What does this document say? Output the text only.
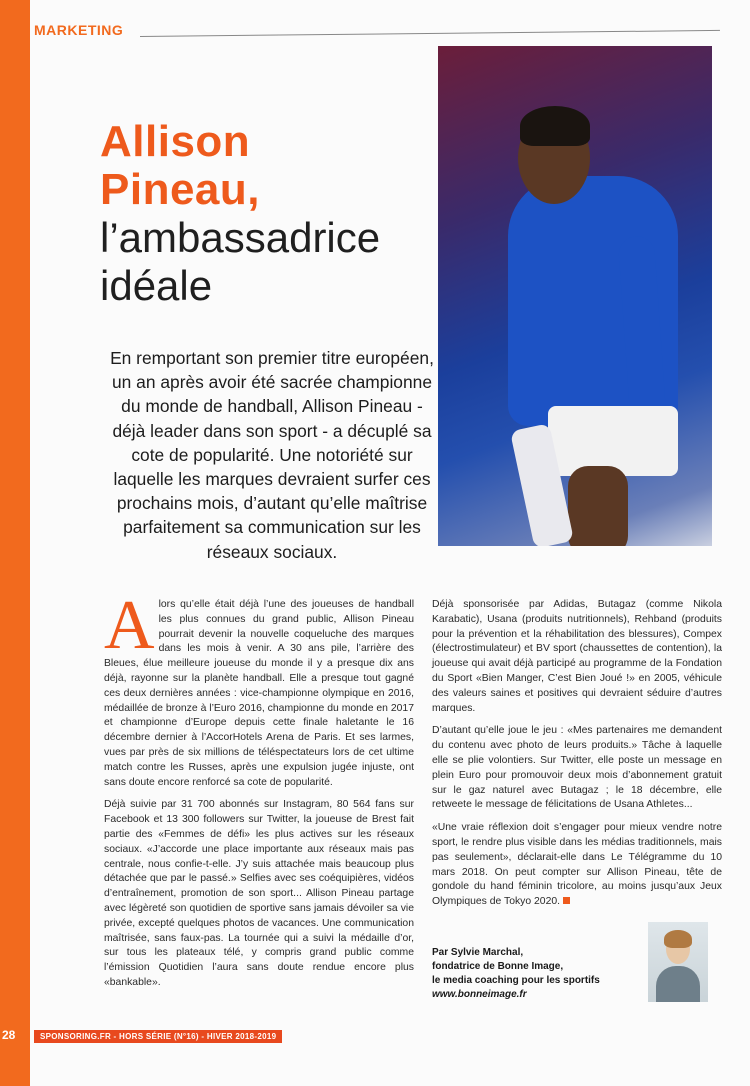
MARKETING
Allison
Pineau,
l’ambassadrice
idéale
En remportant son premier titre européen, un an après avoir été sacrée championne du monde de handball, Allison Pineau - déjà leader dans son sport - a décuplé sa cote de popularité. Une notoriété sur laquelle les marques devraient surfer ces prochains mois, d’autant qu’elle maîtrise parfaitement sa communication sur les réseaux sociaux.

Alors qu’elle était déjà l’une des joueuses de handball les plus connues du grand public, Allison Pineau pourrait devenir la nouvelle coqueluche des marques dans les mois à venir. A 30 ans pile, l’arrière des Bleues, élue meilleure joueuse du monde il y a presque dix ans déjà, rayonne sur la planète handball. Elle a presque tout gagné ces deux dernières années : vice-championne olympique en 2016, médaillée de bronze à l’Euro 2016, championne du monde en 2017 et championne d’Europe depuis cette finale haletante le 16 décembre dernier à l’AccorHotels Arena de Paris. Et ses larmes, vues par près de six millions de téléspectateurs lors de cet ultime match contre les Russes, après une expulsion jugée injuste, ont sans doute encore renforcé sa cote de popularité.

Déjà suivie par 31 700 abonnés sur Instagram, 80 564 fans sur Facebook et 13 300 followers sur Twitter, la joueuse de Brest fait partie des «Femmes de défi» les plus actives sur les réseaux sociaux. «J’accorde une place importante aux réseaux mais pas centrale, nous confie-t-elle. J’y suis attachée mais beaucoup plus détachée que par le passé.» Selfies avec ses coéquipières, vidéos d’entraînement, promotion de son sport... Allison Pineau partage avec légèreté son quotidien de sportive sans jamais dévoiler sa vie privée, excepté quelques photos de vacances. Une communication maîtrisée, sans faux-pas. La tournée qui a suivi la médaille d’or, sur tous les plateaux télé, y compris grand public comme l’émission Quotidien l’aura sans doute rendue encore plus «bankable».

Déjà sponsorisée par Adidas, Butagaz (comme Nikola Karabatic), Usana (produits nutritionnels), Rehband (produits pour la prévention et la réhabilitation des blessures), Compex (électrostimulateur) et BV sport (chaussettes de contention), la joueuse qui avait déjà participé au programme de la Fondation du Sport «Bien Manger, C’est Bien Joué !» en 2005, véhicule des valeurs saines et positives qui devraient séduire d’autres marques.

D’autant qu’elle joue le jeu : «Mes partenaires me demandent du contenu avec photo de leurs produits.» Tâche à laquelle elle se plie volontiers. Sur Twitter, elle poste un message en plein Euro pour promouvoir deux mois d’abonnement gratuit sur le gaz naturel avec Butagaz ; le 18 décembre, elle retweete le message de félicitations de Usana Athletes...

«Une vraie réflexion doit s’engager pour mieux vendre notre sport, le rendre plus visible dans les médias traditionnels, mais pas seulement», déclarait-elle dans Le Télégramme du 10 mars 2018. On peut compter sur Allison Pineau, tête de gondole du hand féminin tricolore, au moins jusqu’aux Jeux Olympiques de Tokyo 2020.

Par Sylvie Marchal,
fondatrice de Bonne Image,
le media coaching pour les sportifs
www.bonneimage.fr
28	SPONSORING.FR - HORS SÉRIE (N°16) - HIVER 2018-2019
